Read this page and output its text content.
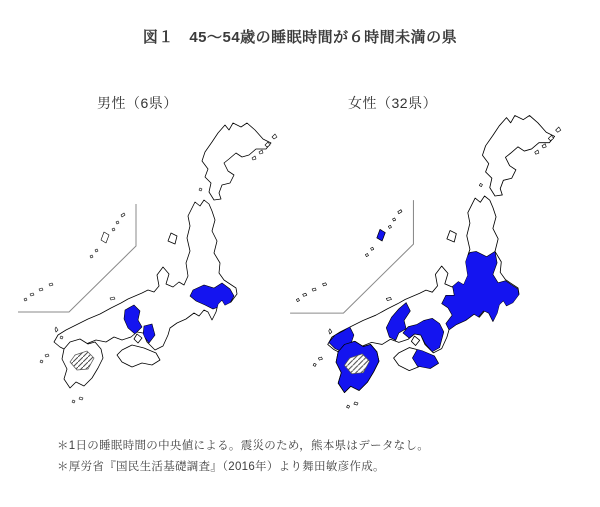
図１　45～54歳の睡眠時間が６時間未満の県
男性（6県）	女性（32県）
＊1日の睡眠時間の中央値による。震災のため，熊本県はデータなし。
＊厚労省『国民生活基礎調査』（2016年）より舞田敏彦作成。
